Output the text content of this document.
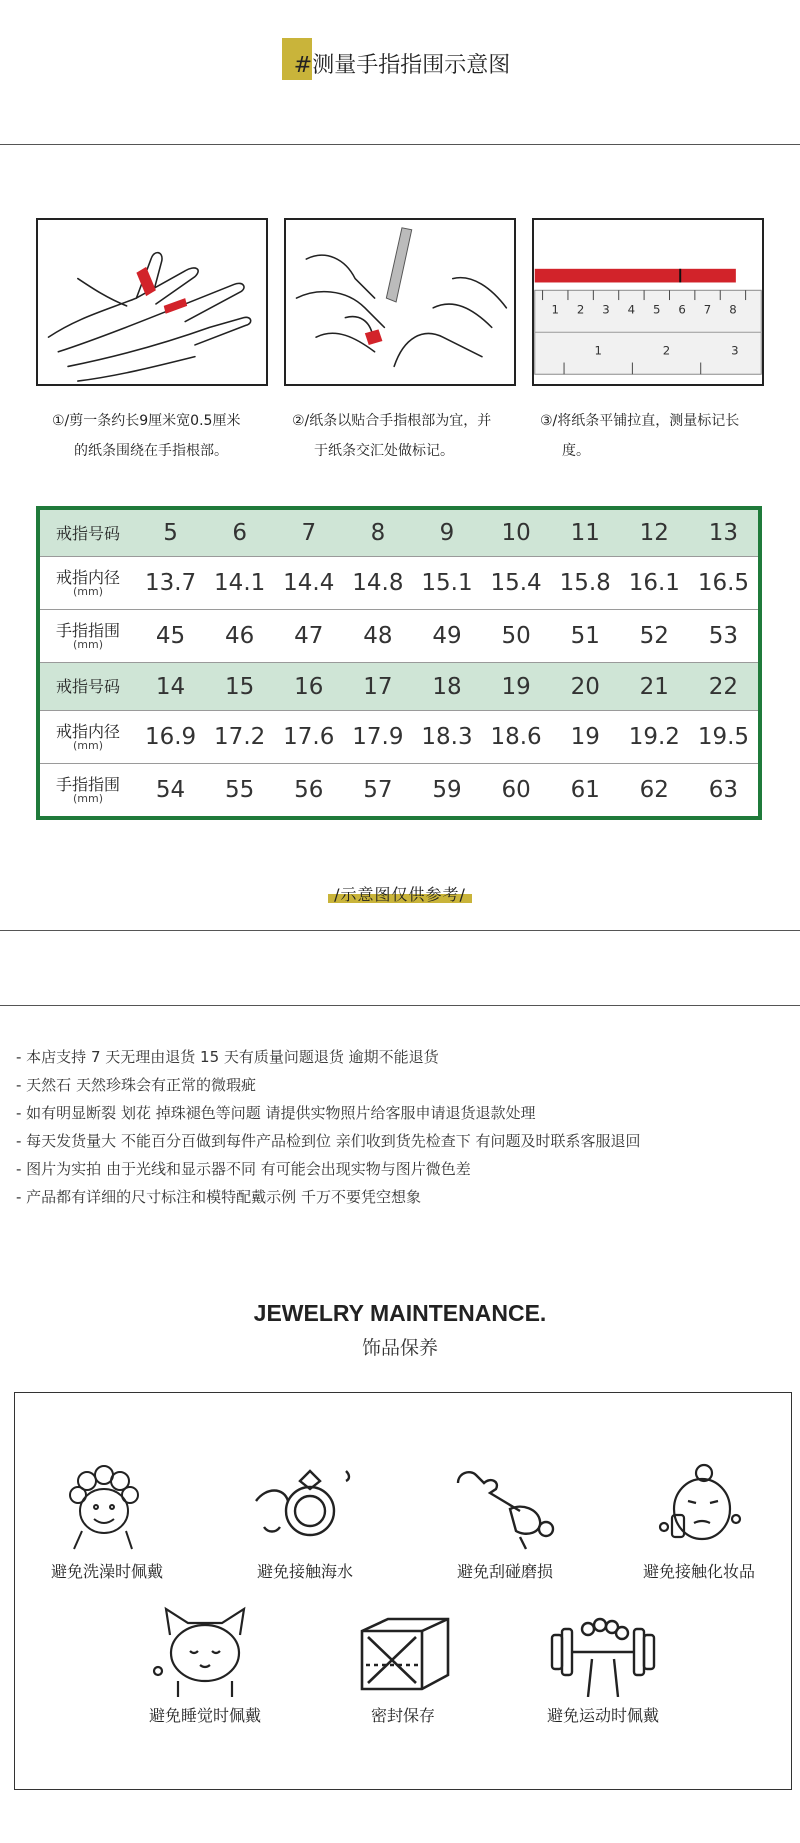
#测量手指指围示意图
1 2 3 4 5 6 7 8
1	2	3
①/剪一条约长9厘米宽0.5厘米
的纸条围绕在手指根部。
②/纸条以贴合手指根部为宜，并
于纸条交汇处做标记。
③/将纸条平铺拉直，测量标记长
度。
戒指号码	5	6	7	8	9	10	11	12	13
戒指内径
(mm)	13.7	14.1	14.4	14.8	15.1	15.4	15.8	16.1	16.5
手指指围
(mm)	45	46	47	48	49	50	51	52	53
戒指号码	14	15	16	17	18	19	20	21	22
戒指内径
(mm)	16.9	17.2	17.6	17.9	18.3	18.6	19	19.2	19.5
手指指围
(mm)	54	55	56	57	59	60	61	62	63
/示意图仅供参考/
- 本店支持 7 天无理由退货 15 天有质量问题退货 逾期不能退货
- 天然石 天然珍珠会有正常的微瑕疵
- 如有明显断裂 划花 掉珠褪色等问题 请提供实物照片给客服申请退货退款处理
- 每天发货量大 不能百分百做到每件产品检到位 亲们收到货先检查下 有问题及时联系客服退回
- 图片为实拍 由于光线和显示器不同 有可能会出现实物与图片微色差
- 产品都有详细的尺寸标注和模特配戴示例 千万不要凭空想象
JEWELRY MAINTENANCE.
饰品保养
避免洗澡时佩戴	避免接触海水	避免刮碰磨损	避免接触化妆品
避免睡觉时佩戴	密封保存	避免运动时佩戴
